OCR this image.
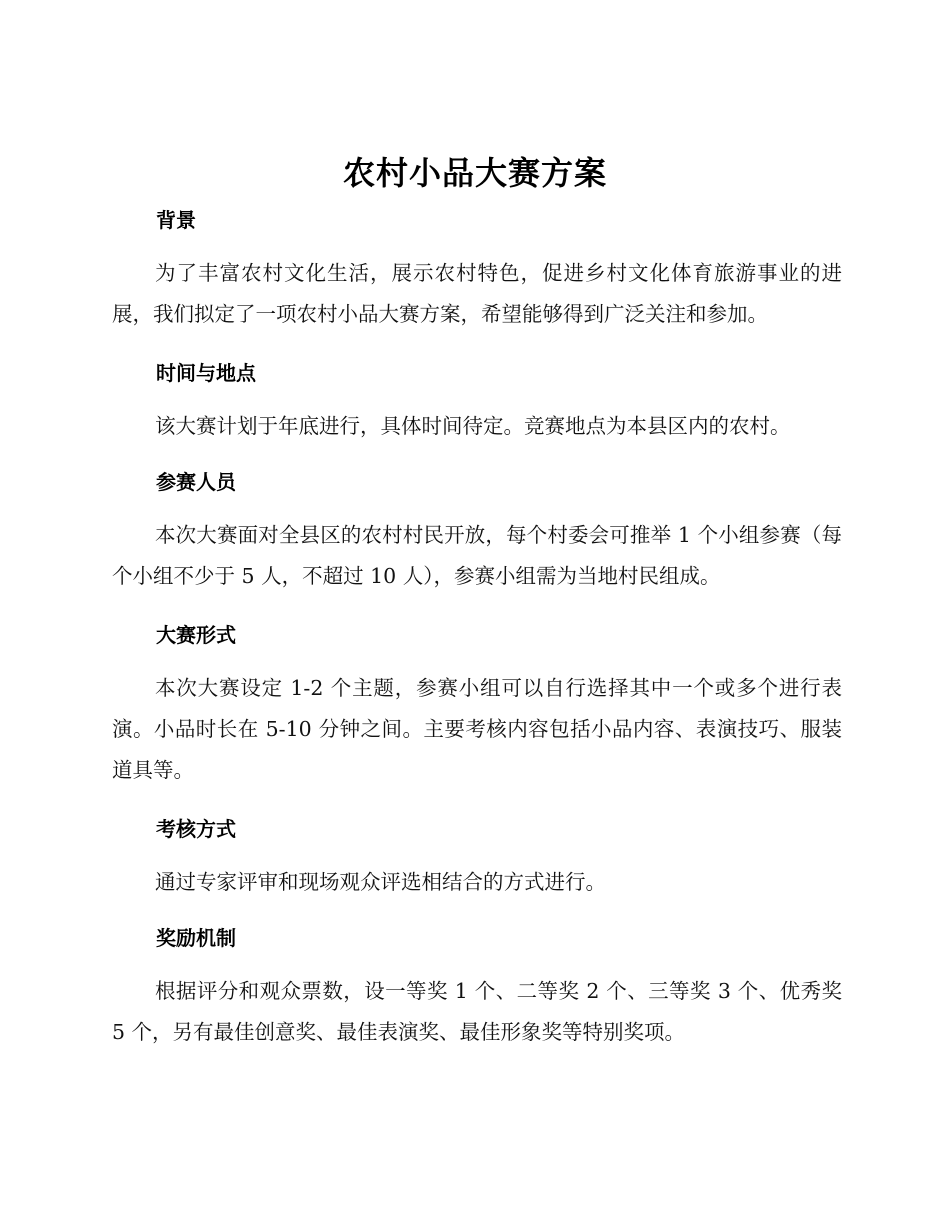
农村小品大赛方案
背景

为了丰富农村文化生活，展示农村特色，促进乡村文化体育旅游事业的进展，我们拟定了一项农村小品大赛方案，希望能够得到广泛关注和参加。

时间与地点

该大赛计划于年底进行，具体时间待定。竞赛地点为本县区内的农村。

参赛人员

本次大赛面对全县区的农村村民开放，每个村委会可推举 1 个小组参赛（每个小组不少于 5 人，不超过 10 人），参赛小组需为当地村民组成。

大赛形式

本次大赛设定 1-2 个主题，参赛小组可以自行选择其中一个或多个进行表演。小品时长在 5-10 分钟之间。主要考核内容包括小品内容、表演技巧、服装道具等。

考核方式

通过专家评审和现场观众评选相结合的方式进行。

奖励机制

根据评分和观众票数，设一等奖 1 个、二等奖 2 个、三等奖 3 个、优秀奖 5 个，另有最佳创意奖、最佳表演奖、最佳形象奖等特别奖项。
